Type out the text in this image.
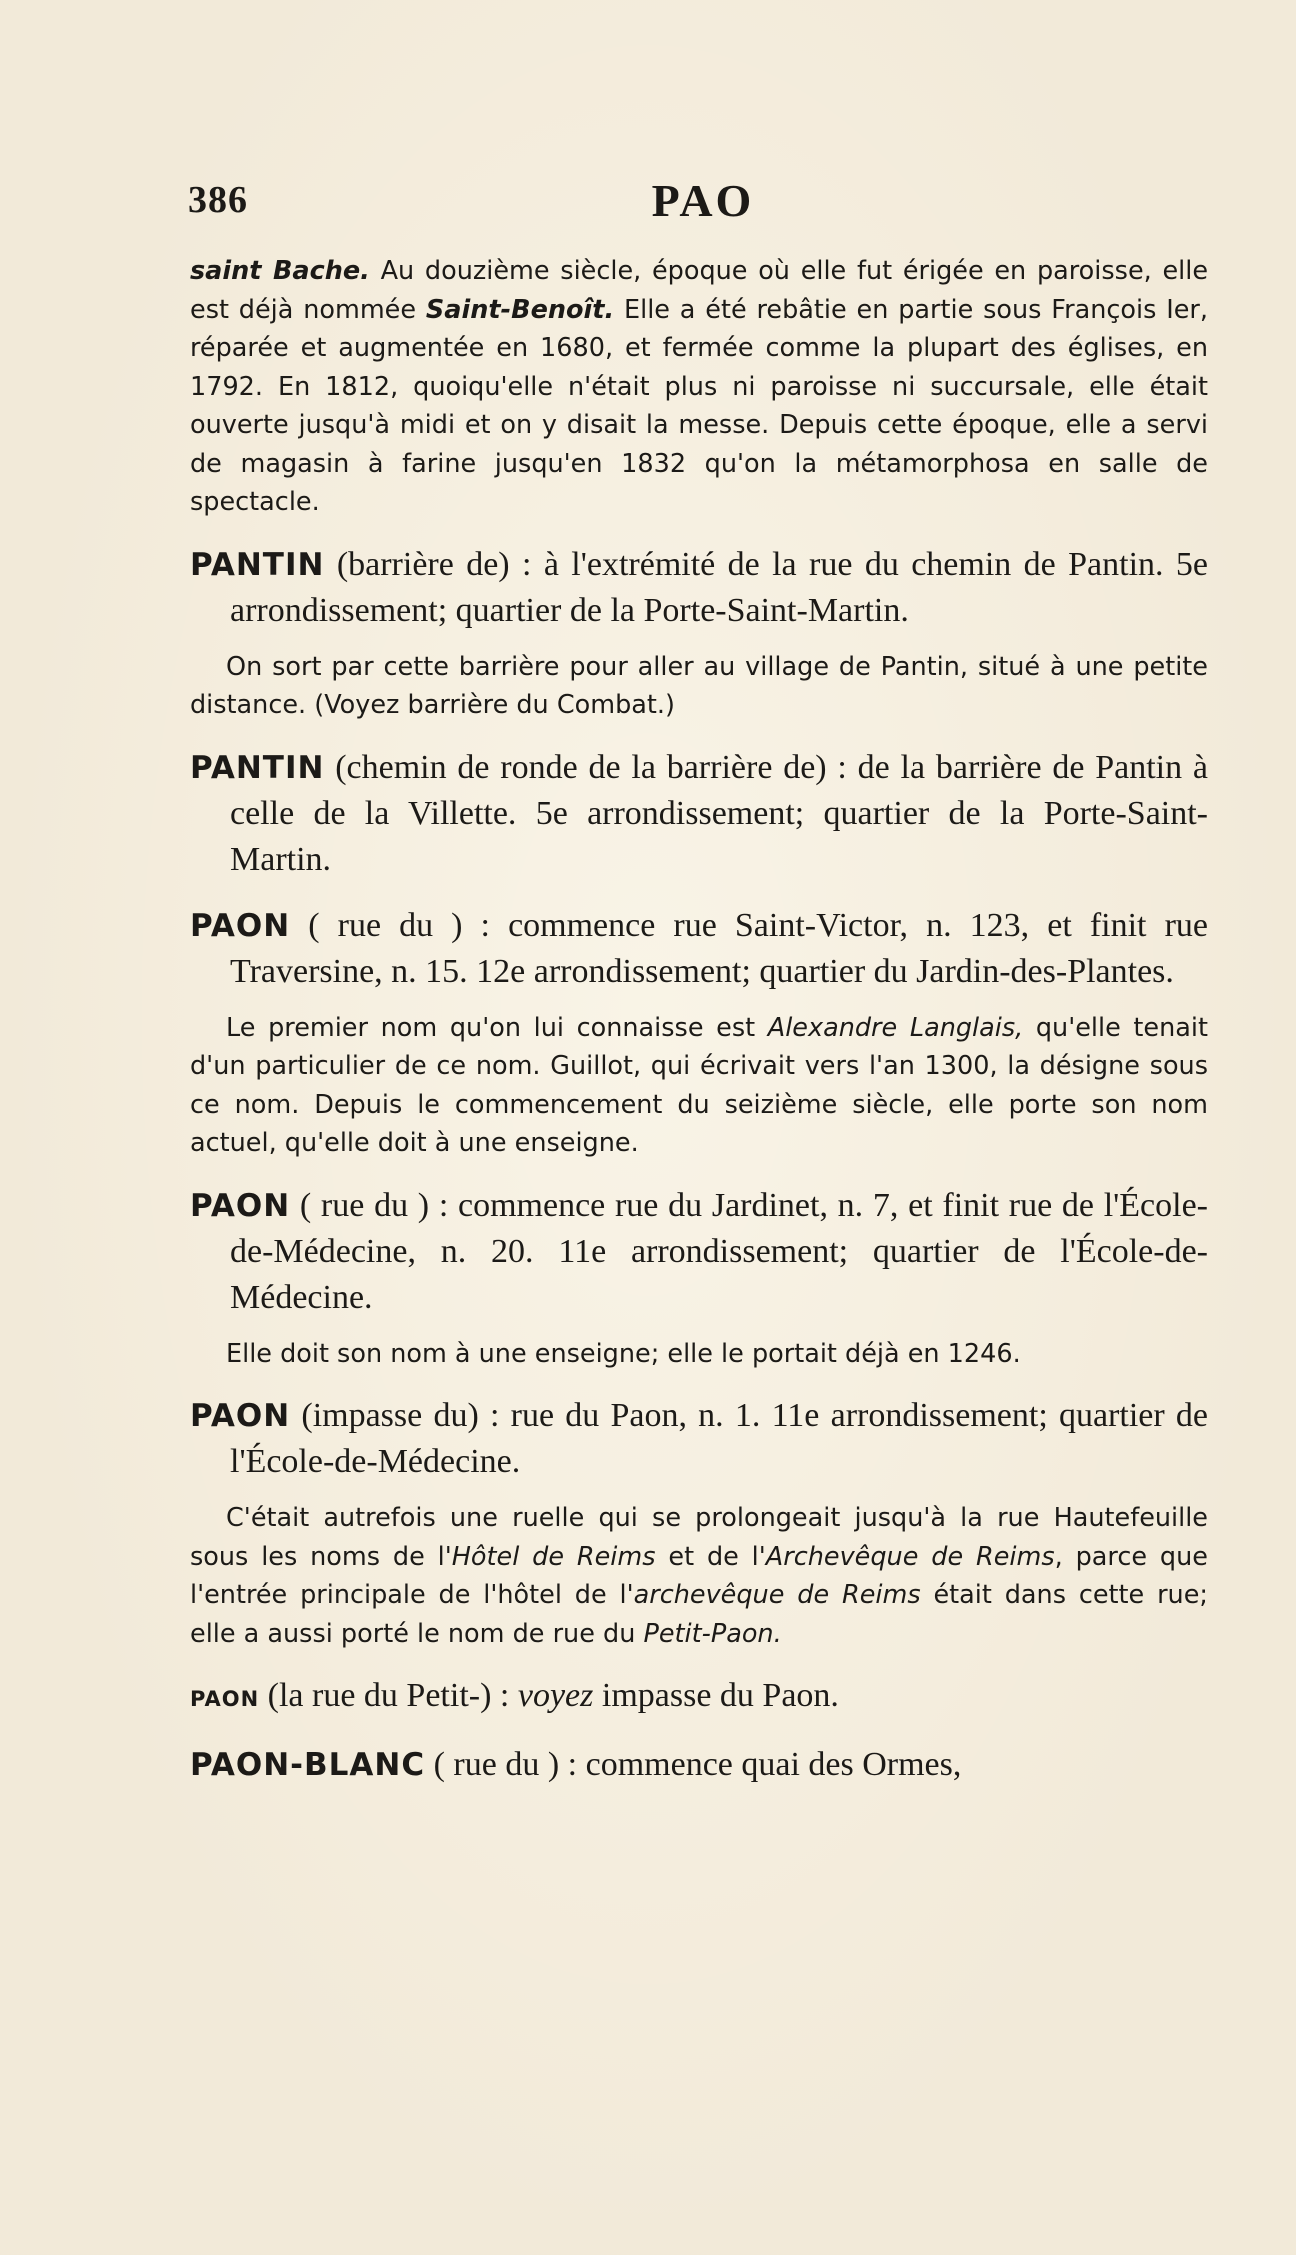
386	PAO

saint Bache. Au douzième siècle, époque où elle fut érigée en paroisse, elle est déjà nommée Saint-Benoît. Elle a été rebâtie en partie sous François Ier, réparée et augmentée en 1680, et fermée comme la plupart des églises, en 1792. En 1812, quoiqu'elle n'était plus ni paroisse ni succursale, elle était ouverte jusqu'à midi et on y disait la messe. Depuis cette époque, elle a servi de magasin à farine jusqu'en 1832 qu'on la métamorphosa en salle de spectacle.

PANTIN (barrière de) : à l'extrémité de la rue du chemin de Pantin. 5e arrondissement; quartier de la Porte-Saint-Martin.

On sort par cette barrière pour aller au village de Pantin, situé à une petite distance. (Voyez barrière du Combat.)

PANTIN (chemin de ronde de la barrière de) : de la barrière de Pantin à celle de la Villette. 5e arrondissement; quartier de la Porte-Saint-Martin.

PAON ( rue du ) : commence rue Saint-Victor, n. 123, et finit rue Traversine, n. 15. 12e arrondissement; quartier du Jardin-des-Plantes.

Le premier nom qu'on lui connaisse est Alexandre Langlais, qu'elle tenait d'un particulier de ce nom. Guillot, qui écrivait vers l'an 1300, la désigne sous ce nom. Depuis le commencement du seizième siècle, elle porte son nom actuel, qu'elle doit à une enseigne.

PAON ( rue du ) : commence rue du Jardinet, n. 7, et finit rue de l'École-de-Médecine, n. 20. 11e arrondissement; quartier de l'École-de-Médecine.

Elle doit son nom à une enseigne; elle le portait déjà en 1246.

PAON (impasse du) : rue du Paon, n. 1. 11e arrondissement; quartier de l'École-de-Médecine.

C'était autrefois une ruelle qui se prolongeait jusqu'à la rue Hautefeuille sous les noms de l'Hôtel de Reims et de l'Archevêque de Reims, parce que l'entrée principale de l'hôtel de l'archevêque de Reims était dans cette rue; elle a aussi porté le nom de rue du Petit-Paon.

PAON (la rue du Petit-) : voyez impasse du Paon.

PAON-BLANC ( rue du ) : commence quai des Ormes,
